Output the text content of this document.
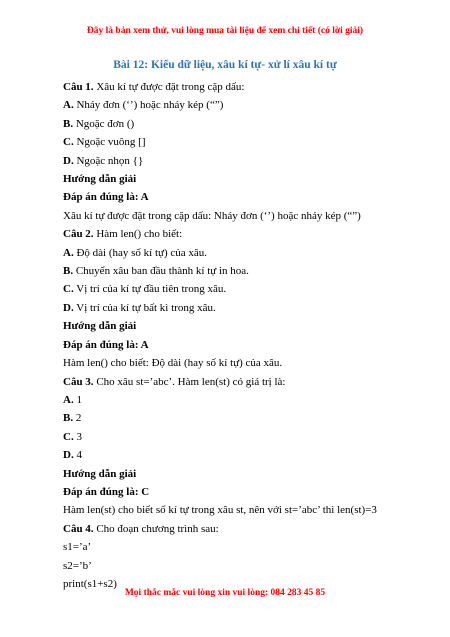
Đây là bản xem thử, vui lòng mua tài liệu để xem chi tiết (có lời giải)
Bài 12: Kiểu dữ liệu, xâu kí tự- xử lí xâu kí tự
Câu 1. Xâu kí tự được đặt trong cặp dấu:
A. Nháy đơn (‘’) hoặc nháy kép (“”)
B. Ngoặc đơn ()
C. Ngoặc vuông []
D. Ngoặc nhọn {}
Hướng dẫn giải
Đáp án đúng là: A
Xâu kí tự được đặt trong cặp dấu: Nháy đơn (‘’) hoặc nháy kép (“”)
Câu 2. Hàm len() cho biết:
A. Độ dài (hay số kí tự) của xâu.
B. Chuyển xâu ban đầu thành kí tự in hoa.
C. Vị trí của kí tự đầu tiên trong xâu.
D. Vị trí của kí tự bất kì trong xâu.
Hướng dẫn giải
Đáp án đúng là: A
Hàm len() cho biết: Độ dài (hay số kí tự) của xâu.
Câu 3. Cho xâu st=’abc’. Hàm len(st) có giá trị là:
A. 1
B. 2
C. 3
D. 4
Hướng dẫn giải
Đáp án đúng là: C
Hàm len(st) cho biết số kí tự trong xâu st, nên với st=’abc’ thì len(st)=3
Câu 4. Cho đoạn chương trình sau:
s1=’a’
s2=’b’
print(s1+s2)
Mọi thắc mắc vui lòng xin vui lòng: 084 283 45 85
